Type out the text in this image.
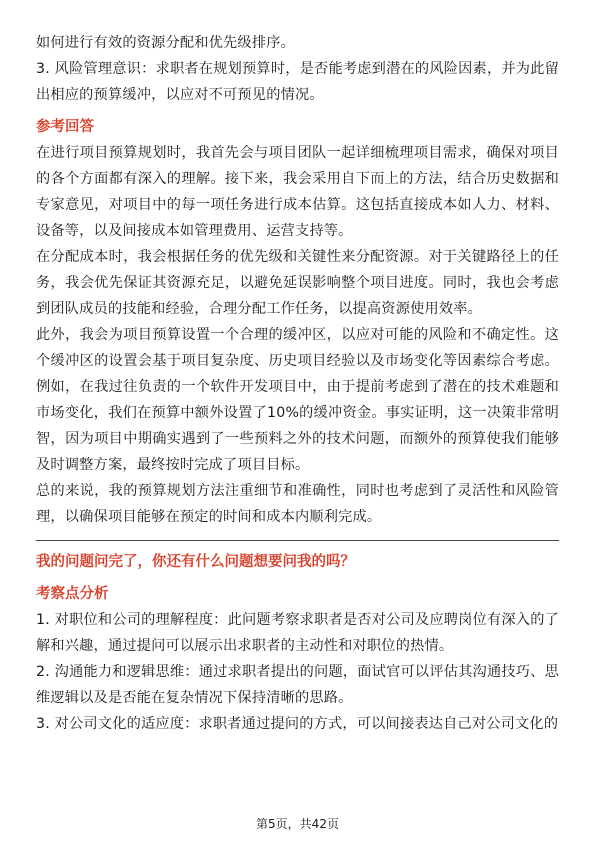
如何进行有效的资源分配和优先级排序。

3. 风险管理意识：求职者在规划预算时，是否能考虑到潜在的风险因素，并为此留出相应的预算缓冲，以应对不可预见的情况。

参考回答

在进行项目预算规划时，我首先会与项目团队一起详细梳理项目需求，确保对项目的各个方面都有深入的理解。接下来，我会采用自下而上的方法，结合历史数据和专家意见，对项目中的每一项任务进行成本估算。这包括直接成本如人力、材料、设备等，以及间接成本如管理费用、运营支持等。

在分配成本时，我会根据任务的优先级和关键性来分配资源。对于关键路径上的任务，我会优先保证其资源充足，以避免延误影响整个项目进度。同时，我也会考虑到团队成员的技能和经验，合理分配工作任务，以提高资源使用效率。

此外，我会为项目预算设置一个合理的缓冲区，以应对可能的风险和不确定性。这个缓冲区的设置会基于项目复杂度、历史项目经验以及市场变化等因素综合考虑。例如，在我过往负责的一个软件开发项目中，由于提前考虑到了潜在的技术难题和市场变化，我们在预算中额外设置了10%的缓冲资金。事实证明，这一决策非常明智，因为项目中期确实遇到了一些预料之外的技术问题，而额外的预算使我们能够及时调整方案，最终按时完成了项目目标。

总的来说，我的预算规划方法注重细节和准确性，同时也考虑到了灵活性和风险管理，以确保项目能够在预定的时间和成本内顺利完成。

我的问题问完了，你还有什么问题想要问我的吗？

考察点分析

1. 对职位和公司的理解程度：此问题考察求职者是否对公司及应聘岗位有深入的了解和兴趣，通过提问可以展示出求职者的主动性和对职位的热情。

2. 沟通能力和逻辑思维：通过求职者提出的问题，面试官可以评估其沟通技巧、思维逻辑以及是否能在复杂情况下保持清晰的思路。

3. 对公司文化的适应度：求职者通过提问的方式，可以间接表达自己对公司文化的

第5页，共42页
